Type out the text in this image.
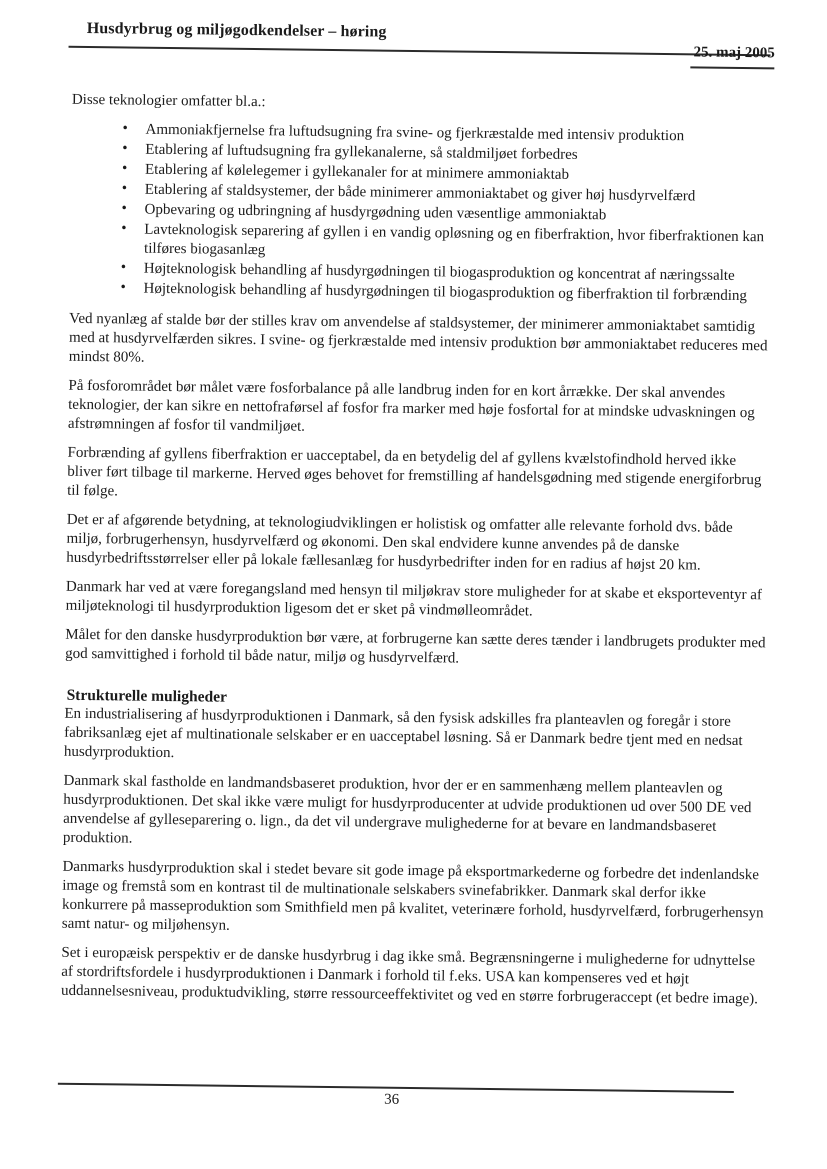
Husdyrbrug og miljøgodkendelser – høring
25. maj 2005

Disse teknologier omfatter bl.a.:

• Ammoniakfjernelse fra luftudsugning fra svine- og fjerkræstalde med intensiv produktion
• Etablering af luftudsugning fra gyllekanalerne, så staldmiljøet forbedres
• Etablering af kølelegemer i gyllekanaler for at minimere ammoniaktab
• Etablering af staldsystemer, der både minimerer ammoniaktabet og giver høj husdyrvelfærd
• Opbevaring og udbringning af husdyrgødning uden væsentlige ammoniaktab
• Lavteknologisk separering af gyllen i en vandig opløsning og en fiberfraktion, hvor fiberfraktionen kan tilføres biogasanlæg
• Højteknologisk behandling af husdyrgødningen til biogasproduktion og koncentrat af næringssalte
• Højteknologisk behandling af husdyrgødningen til biogasproduktion og fiberfraktion til forbrænding

Ved nyanlæg af stalde bør der stilles krav om anvendelse af staldsystemer, der minimerer ammoniaktabet samtidig med at husdyrvelfærden sikres. I svine- og fjerkræstalde med intensiv produktion bør ammoniaktabet reduceres med mindst 80%.

På fosforområdet bør målet være fosforbalance på alle landbrug inden for en kort årrække. Der skal anvendes teknologier, der kan sikre en nettofraførsel af fosfor fra marker med høje fosfortal for at mindske udvaskningen og afstrømningen af fosfor til vandmiljøet.

Forbrænding af gyllens fiberfraktion er uacceptabel, da en betydelig del af gyllens kvælstofindhold herved ikke bliver ført tilbage til markerne. Herved øges behovet for fremstilling af handelsgødning med stigende energiforbrug til følge.

Det er af afgørende betydning, at teknologiudviklingen er holistisk og omfatter alle relevante forhold dvs. både miljø, forbrugerhensyn, husdyrvelfærd og økonomi. Den skal endvidere kunne anvendes på de danske husdyrbedriftsstørrelser eller på lokale fællesanlæg for husdyrbedrifter inden for en radius af højst 20 km.

Danmark har ved at være foregangsland med hensyn til miljøkrav store muligheder for at skabe et eksporteventyr af miljøteknologi til husdyrproduktion ligesom det er sket på vindmølleområdet.

Målet for den danske husdyrproduktion bør være, at forbrugerne kan sætte deres tænder i landbrugets produkter med god samvittighed i forhold til både natur, miljø og husdyrvelfærd.

Strukturelle muligheder

En industrialisering af husdyrproduktionen i Danmark, så den fysisk adskilles fra planteavlen og foregår i store fabriksanlæg ejet af multinationale selskaber er en uacceptabel løsning. Så er Danmark bedre tjent med en nedsat husdyrproduktion.

Danmark skal fastholde en landmandsbaseret produktion, hvor der er en sammenhæng mellem planteavlen og husdyrproduktionen. Det skal ikke være muligt for husdyrproducenter at udvide produktionen ud over 500 DE ved anvendelse af gylleseparering o. lign., da det vil undergrave mulighederne for at bevare en landmandsbaseret produktion.

Danmarks husdyrproduktion skal i stedet bevare sit gode image på eksportmarkederne og forbedre det indenlandske image og fremstå som en kontrast til de multinationale selskabers svinefabrikker. Danmark skal derfor ikke konkurrere på masseproduktion som Smithfield men på kvalitet, veterinære forhold, husdyrvelfærd, forbrugerhensyn samt natur- og miljøhensyn.

Set i europæisk perspektiv er de danske husdyrbrug i dag ikke små. Begrænsningerne i mulighederne for udnyttelse af stordriftsfordele i husdyrproduktionen i Danmark i forhold til f.eks. USA kan kompenseres ved et højt uddannelsesniveau, produktudvikling, større ressourceeffektivitet og ved en større forbrugeraccept (et bedre image).

36
